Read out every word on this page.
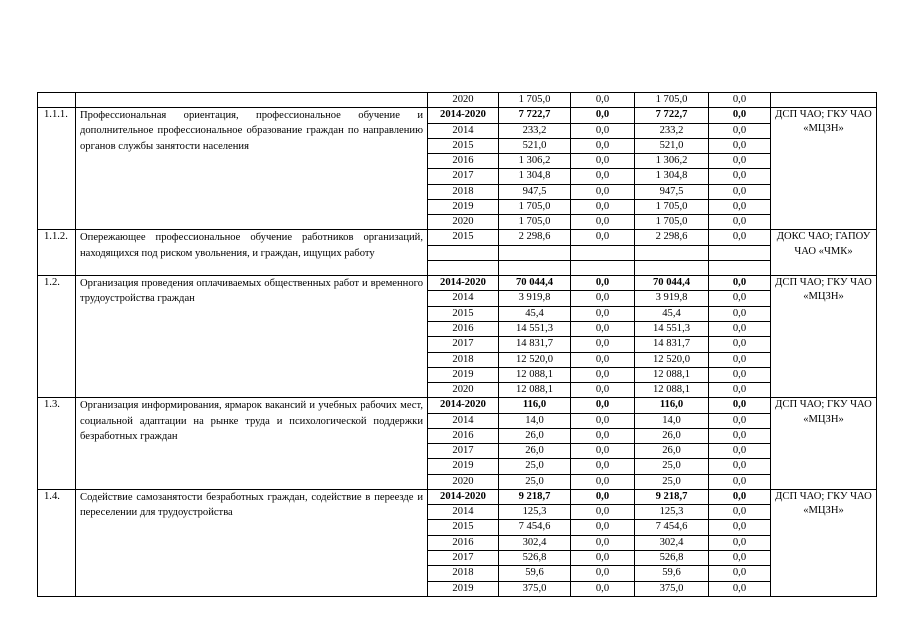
		2020	1 705,0	0,0	1 705,0	0,0	
1.1.1.	Профессиональная ориентация, профессиональное обучение и дополнительное профессиональное образование граждан по направлению органов службы занятости населения	2014-2020	7 722,7	0,0	7 722,7	0,0	ДСП ЧАО; ГКУ ЧАО «МЦЗН»
		2014	233,2	0,0	233,2	0,0	
		2015	521,0	0,0	521,0	0,0	
		2016	1 306,2	0,0	1 306,2	0,0	
		2017	1 304,8	0,0	1 304,8	0,0	
		2018	947,5	0,0	947,5	0,0	
		2019	1 705,0	0,0	1 705,0	0,0	
		2020	1 705,0	0,0	1 705,0	0,0	
1.1.2.	Опережающее профессиональное обучение работников организаций, находящихся под риском увольнения, и граждан, ищущих работу	2015	2 298,6	0,0	2 298,6	0,0	ДОКС ЧАО; ГАПОУ ЧАО «ЧМК»

1.2.	Организация проведения оплачиваемых общественных работ и временного трудоустройства граждан	2014-2020	70 044,4	0,0	70 044,4	0,0	ДСП ЧАО; ГКУ ЧАО «МЦЗН»
		2014	3 919,8	0,0	3 919,8	0,0	
		2015	45,4	0,0	45,4	0,0	
		2016	14 551,3	0,0	14 551,3	0,0	
		2017	14 831,7	0,0	14 831,7	0,0	
		2018	12 520,0	0,0	12 520,0	0,0	
		2019	12 088,1	0,0	12 088,1	0,0	
		2020	12 088,1	0,0	12 088,1	0,0	
1.3.	Организация информирования, ярмарок вакансий и учебных рабочих мест, социальной адаптации на рынке труда и психологической поддержки безработных граждан	2014-2020	116,0	0,0	116,0	0,0	ДСП ЧАО; ГКУ ЧАО «МЦЗН»
		2014	14,0	0,0	14,0	0,0	
		2016	26,0	0,0	26,0	0,0	
		2017	26,0	0,0	26,0	0,0	
		2019	25,0	0,0	25,0	0,0	
		2020	25,0	0,0	25,0	0,0	
1.4.	Содействие самозанятости безработных граждан, содействие в переезде и переселении для трудоустройства	2014-2020	9 218,7	0,0	9 218,7	0,0	ДСП ЧАО; ГКУ ЧАО «МЦЗН»
		2014	125,3	0,0	125,3	0,0	
		2015	7 454,6	0,0	7 454,6	0,0	
		2016	302,4	0,0	302,4	0,0	
		2017	526,8	0,0	526,8	0,0	
		2018	59,6	0,0	59,6	0,0	
		2019	375,0	0,0	375,0	0,0	
